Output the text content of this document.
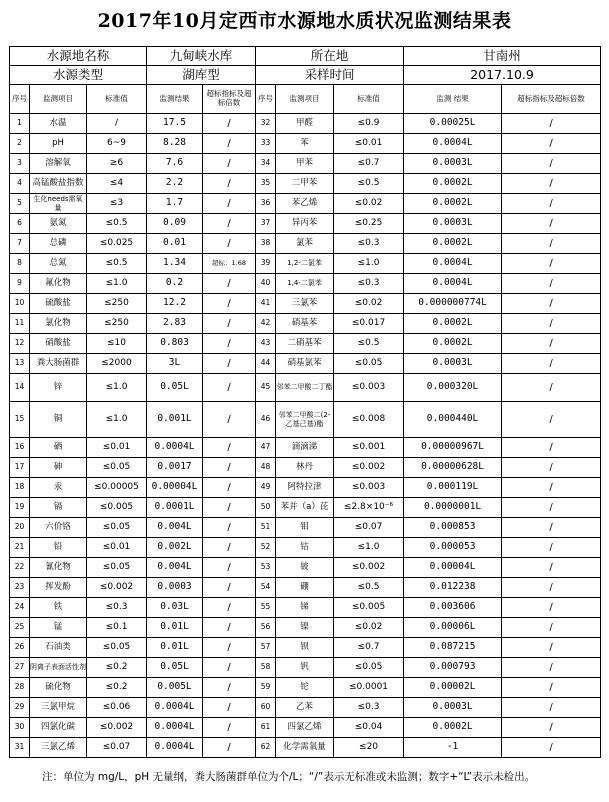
2017年10月定西市水源地水质状况监测结果表
水源地名称			九甸峡水库		所在地			甘南州	
水源类型			湖库型		采样时间			2017.10.9	
序号	监测项目	标准值	监测结果	超标指标及超标倍数	序号	监测项目	标准值	监测 结果	超标指标及超标倍数
1	水温	/	17.5	/	32	甲醛	≤0.9	0.00025L	/
2	pH	6~9	8.28	/	33	苯	≤0.01	0.0004L	/
3	溶解氧	≥6	7.6	/	34	甲苯	≤0.7	0.0003L	/
4	高锰酸盐指数	≤4	2.2	/	35	二甲苯	≤0.5	0.0002L	/
5	生化needs需氧量	≤3	1.7	/	36	苯乙烯	≤0.02	0.0002L	/
6	氨氮	≤0.5	0.09	/	37	异丙苯	≤0.25	0.0003L	/
7	总磷	≤0.025	0.01	/	38	氯苯	≤0.3	0.0002L	/
8	总氮	≤0.5	1.34	超标：1.68	39	1,2-二氯苯	≤1.0	0.0004L	/
9	氟化物	≤1.0	0.2	/	40	1,4-二氯苯	≤0.3	0.0004L	/
10	硫酸盐	≤250	12.2	/	41	三氯苯	≤0.02	0.000000774L	/
11	氯化物	≤250	2.83	/	42	硝基苯	≤0.017	0.0002L	/
12	硝酸盐	≤10	0.803	/	43	二硝基苯	≤0.5	0.0002L	/
13	粪大肠菌群	≤2000	3L	/	44	硝基氯苯	≤0.05	0.0003L	/
14	锌	≤1.0	0.05L	/	45	邻苯二甲酸二丁酯	≤0.003	0.000320L	/
15	铜	≤1.0	0.001L	/	46	邻苯二甲酸二(2-乙基己基)酯	≤0.008	0.000440L	/
16	硒	≤0.01	0.0004L	/	47	滴滴涕	≤0.001	0.00000967L	/
17	砷	≤0.05	0.0017	/	48	林丹	≤0.002	0.00000628L	/
18	汞	≤0.00005	0.00004L	/	49	阿特拉津	≤0.003	0.000119L	/
19	镉	≤0.005	0.0001L	/	50	苯并（a）芘	≤2.8×10⁻⁶	0.0000001L	/
20	六价铬	≤0.05	0.004L	/	51	钼	≤0.07	0.000853	/
21	铅	≤0.01	0.002L	/	52	钴	≤1.0	0.000053	/
22	氰化物	≤0.05	0.004L	/	53	铍	≤0.002	0.00004L	/
23	挥发酚	≤0.002	0.0003	/	54	硼	≤0.5	0.012238	/
24	铁	≤0.3	0.03L	/	55	锑	≤0.005	0.003606	/
25	锰	≤0.1	0.01L	/	56	镍	≤0.02	0.00006L	/
26	石油类	≤0.05	0.01L	/	57	钡	≤0.7	0.087215	/
27	阴离子表面活性剂	≤0.2	0.05L	/	58	钒	≤0.05	0.000793	/
28	硫化物	≤0.2	0.005L	/	59	铊	≤0.0001	0.00002L	/
29	三氯甲烷	≤0.06	0.0004L	/	60	乙苯	≤0.3	0.0003L	/
30	四氯化碳	≤0.002	0.0004L	/	61	四氯乙烯	≤0.04	0.0002L	/
31	三氯乙烯	≤0.07	0.0004L	/	62	化学需氧量	≤20	-1	/
注：单位为 mg/L，pH 无量纲，粪大肠菌群单位为个/L；“/”表示无标准或未监测；数字+“L”表示未检出。
